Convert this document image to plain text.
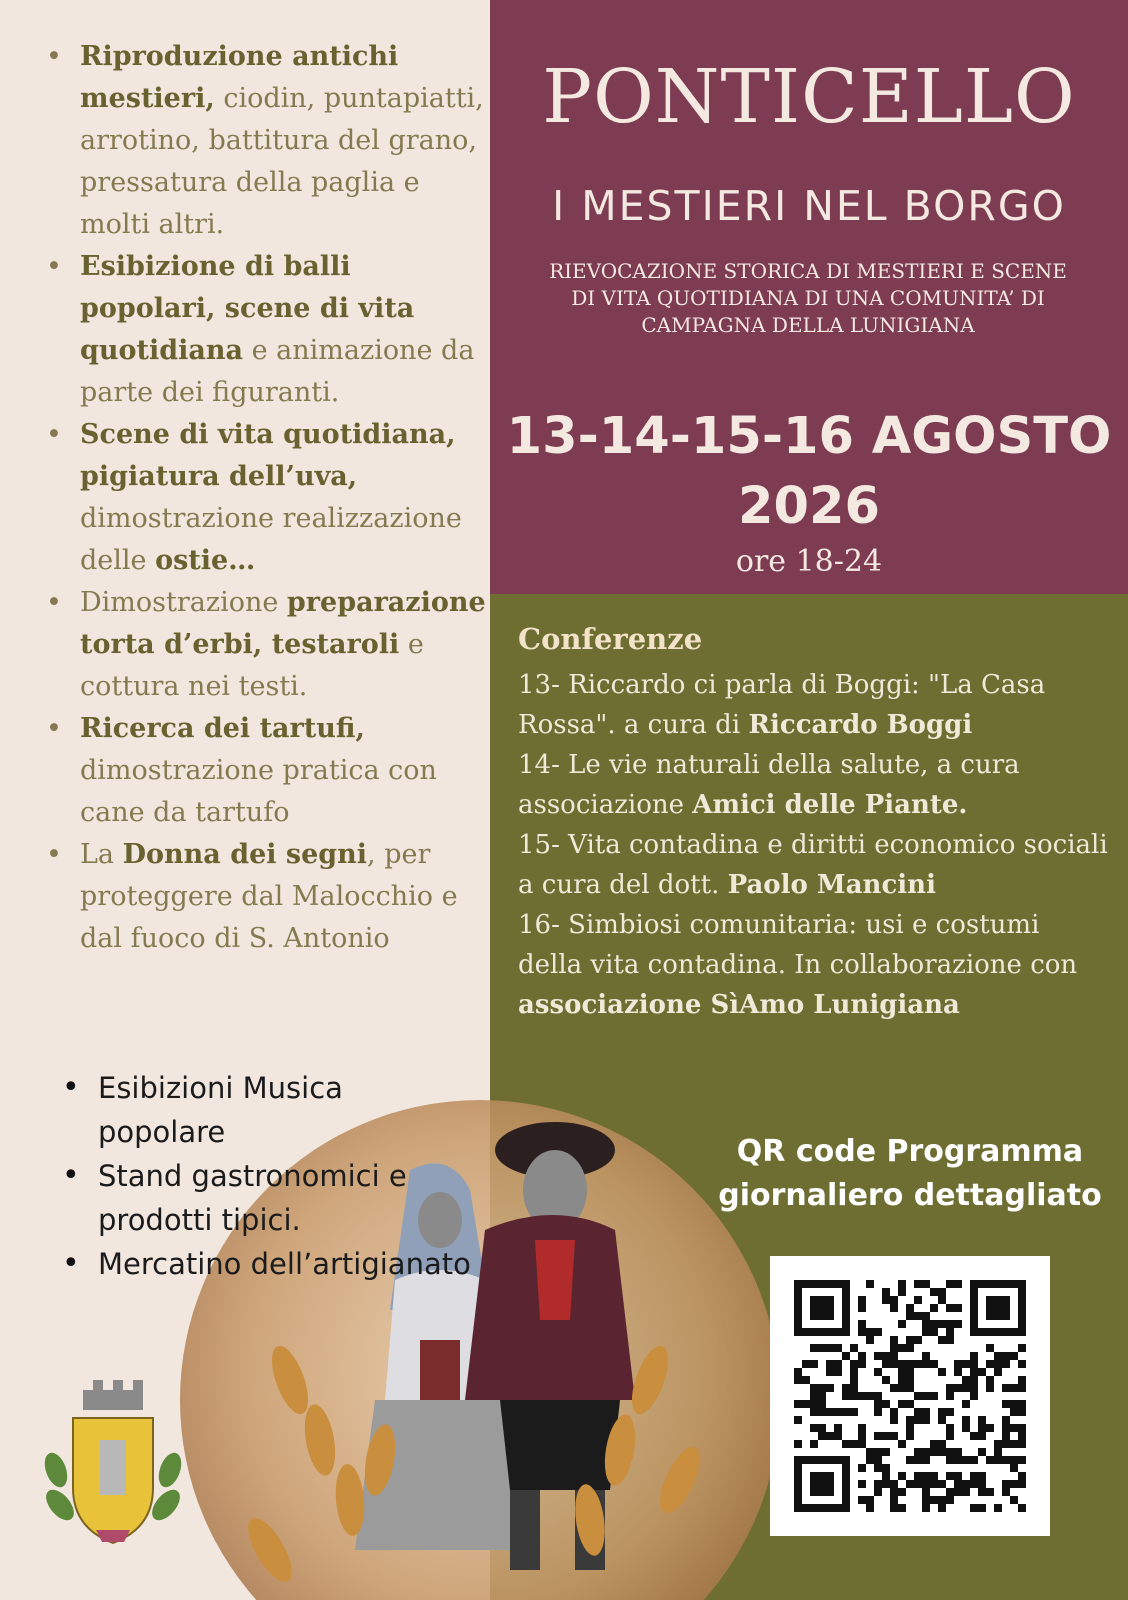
• Riproduzione antichi mestieri, ciodin, puntapiatti, arrotino, battitura del grano, pressatura della paglia e molti altri.
• Esibizione di balli popolari, scene di vita quotidiana e animazione da parte dei figuranti.
• Scene di vita quotidiana, pigiatura dell’uva, dimostrazione realizzazione delle ostie…
• Dimostrazione preparazione torta d’erbi, testaroli e cottura nei testi.
• Ricerca dei tartufi, dimostrazione pratica con cane da tartufo
• La Donna dei segni, per proteggere dal Malocchio e dal fuoco di S. Antonio
• Esibizioni Musica popolare
• Stand gastronomici e prodotti tipici.
• Mercatino dell’artigianato
PONTICELLO
I MESTIERI NEL BORGO
RIEVOCAZIONE STORICA DI MESTIERI E SCENE DI VITA QUOTIDIANA DI UNA COMUNITA’ DI CAMPAGNA DELLA LUNIGIANA
13-14-15-16 AGOSTO 2026
ore 18-24
Conferenze

13- Riccardo ci parla di Boggi: "La Casa Rossa". a cura di Riccardo Boggi

14- Le vie naturali della salute, a cura associazione Amici delle Piante.

15- Vita contadina e diritti economico sociali a cura del dott. Paolo Mancini

16- Simbiosi comunitaria: usi e costumi della vita contadina. In collaborazione con associazione SìAmo Lunigiana

QR code Programma giornaliero dettagliato
